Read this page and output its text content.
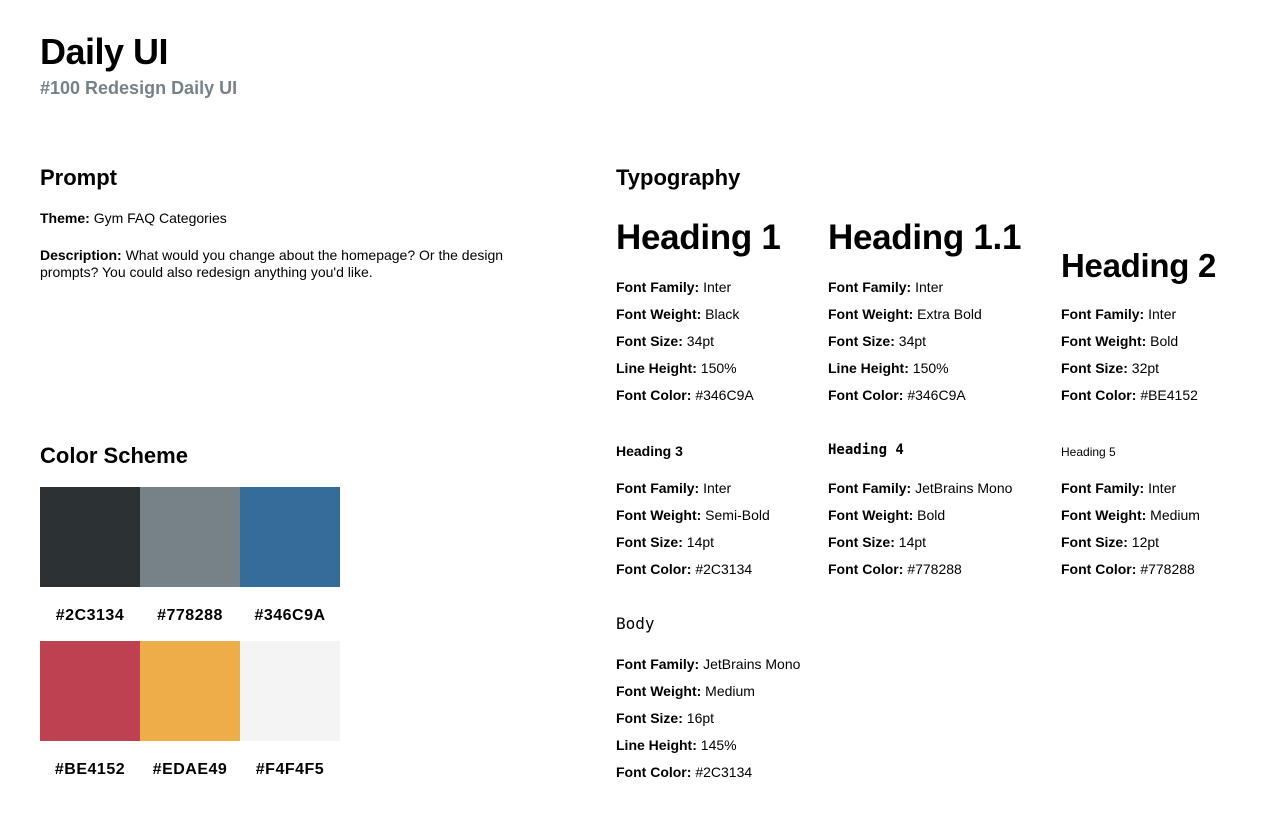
Daily UI
#100 Redesign Daily UI
Prompt
Theme: Gym FAQ Categories
Description: What would you change about the homepage? Or the design prompts? You could also redesign anything you'd like.
Color Scheme
#2C3134	#778288	#346C9A
#BE4152	#EDAE49	#F4F4F5
Typography
Heading 1
Font Family: Inter
Font Weight: Black
Font Size: 34pt
Line Height: 150%
Font Color: #346C9A
Heading 1.1
Font Family: Inter
Font Weight: Extra Bold
Font Size: 34pt
Line Height: 150%
Font Color: #346C9A
Heading 2
Font Family: Inter
Font Weight: Bold
Font Size: 32pt
Font Color: #BE4152
Heading 3
Font Family: Inter
Font Weight: Semi-Bold
Font Size: 14pt
Font Color: #2C3134
Heading 4
Font Family: JetBrains Mono
Font Weight: Bold
Font Size: 14pt
Font Color: #778288
Heading 5
Font Family: Inter
Font Weight: Medium
Font Size: 12pt
Font Color: #778288
Body
Font Family: JetBrains Mono
Font Weight: Medium
Font Size: 16pt
Line Height: 145%
Font Color: #2C3134
